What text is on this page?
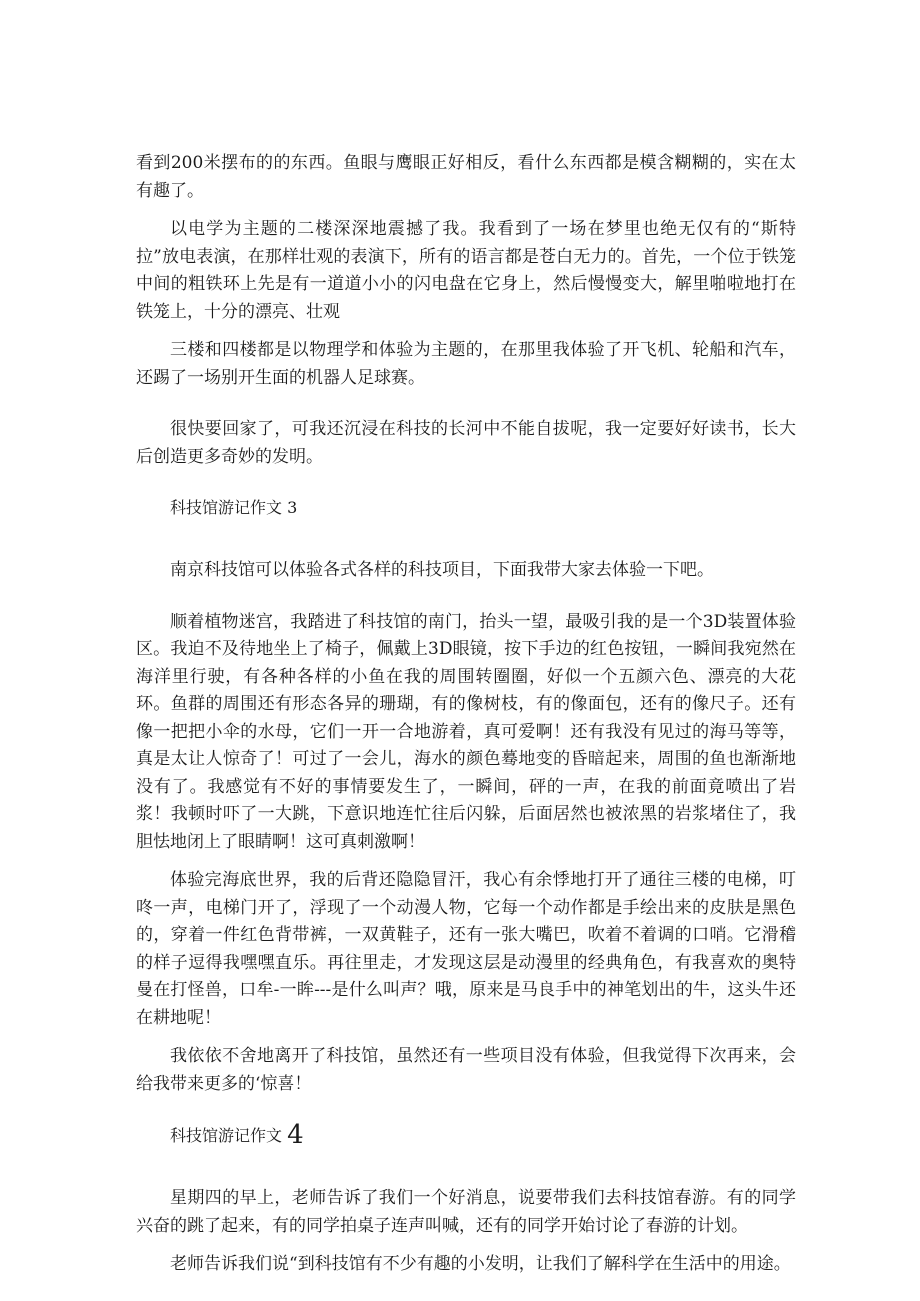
看到200米摆布的的东西。鱼眼与鹰眼正好相反，看什么东西都是模含糊糊的，实在太有趣了。

以电学为主题的二楼深深地震撼了我。我看到了一场在梦里也绝无仅有的“斯特拉”放电表演，在那样壮观的表演下，所有的语言都是苍白无力的。首先，一个位于铁笼中间的粗铁环上先是有一道道小小的闪电盘在它身上，然后慢慢变大，解里啪啦地打在铁笼上，十分的漂亮、壮观

三楼和四楼都是以物理学和体验为主题的，在那里我体验了开飞机、轮船和汽车，还踢了一场别开生面的机器人足球赛。

很快要回家了，可我还沉浸在科技的长河中不能自拔呢，我一定要好好读书，长大后创造更多奇妙的发明。

科技馆游记作文 3

南京科技馆可以体验各式各样的科技项目，下面我带大家去体验一下吧。

顺着植物迷宫，我踏进了科技馆的南门，抬头一望，最吸引我的是一个3D装置体验区。我迫不及待地坐上了椅子，佩戴上3D眼镜，按下手边的红色按钮，一瞬间我宛然在海洋里行驶，有各种各样的小鱼在我的周围转圈圈，好似一个五颜六色、漂亮的大花环。鱼群的周围还有形态各异的珊瑚，有的像树枝，有的像面包，还有的像尺子。还有像一把把小伞的水母，它们一开一合地游着，真可爱啊！还有我没有见过的海马等等，真是太让人惊奇了！可过了一会儿，海水的颜色蓦地变的昏暗起来，周围的鱼也渐渐地没有了。我感觉有不好的事情要发生了，一瞬间，砰的一声，在我的前面竟喷出了岩浆！我顿时吓了一大跳，下意识地连忙往后闪躲，后面居然也被浓黑的岩浆堵住了，我胆怯地闭上了眼睛啊！这可真刺激啊！

体验完海底世界，我的后背还隐隐冒汗，我心有余悸地打开了通往三楼的电梯，叮咚一声，电梯门开了，浮现了一个动漫人物，它每一个动作都是手绘出来的皮肤是黑色的，穿着一件红色背带裤，一双黄鞋子，还有一张大嘴巴，吹着不着调的口哨。它滑稽的样子逗得我嘿嘿直乐。再往里走，才发现这层是动漫里的经典角色，有我喜欢的奥特曼在打怪兽，口牟-一眸---是什么叫声？哦，原来是马良手中的神笔划出的牛，这头牛还在耕地呢！

我依依不舍地离开了科技馆，虽然还有一些项目没有体验，但我觉得下次再来，会给我带来更多的‘惊喜！

科技馆游记作文 4

星期四的早上，老师告诉了我们一个好消息，说要带我们去科技馆春游。有的同学兴奋的跳了起来，有的同学拍桌子连声叫喊，还有的同学开始讨论了春游的计划。

老师告诉我们说“到科技馆有不少有趣的小发明，让我们了解科学在生活中的用途。
